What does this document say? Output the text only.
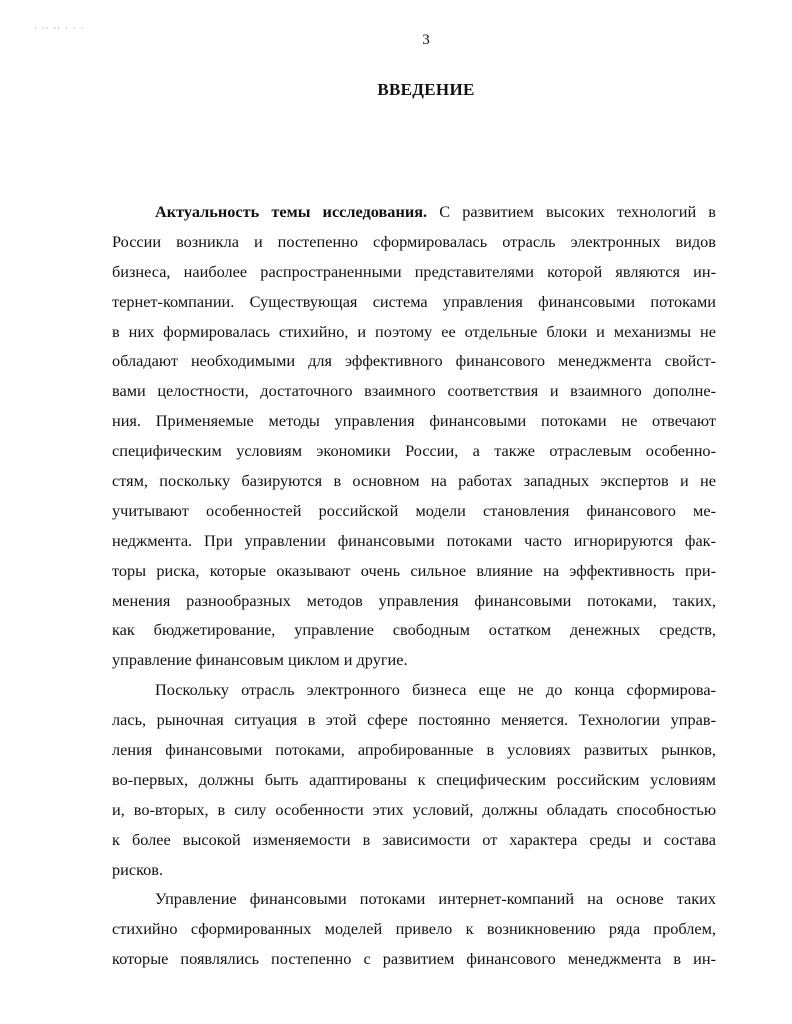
· ·· ·· · · ·
3
ВВЕДЕНИЕ
Актуальность темы исследования. С развитием высоких технологий в
России возникла и постепенно сформировалась отрасль электронных видов
бизнеса, наиболее распространенными представителями которой являются ин-
тернет-компании. Существующая система управления финансовыми потоками
в них формировалась стихийно, и поэтому ее отдельные блоки и механизмы не
обладают необходимыми для эффективного финансового менеджмента свойст-
вами целостности, достаточного взаимного соответствия и взаимного дополне-
ния. Применяемые методы управления финансовыми потоками не отвечают
специфическим условиям экономики России, а также отраслевым особенно-
стям, поскольку базируются в основном на работах западных экспертов и не
учитывают особенностей российской модели становления финансового ме-
неджмента. При управлении финансовыми потоками часто игнорируются фак-
торы риска, которые оказывают очень сильное влияние на эффективность при-
менения разнообразных методов управления финансовыми потоками, таких,
как бюджетирование, управление свободным остатком денежных средств,
управление финансовым циклом и другие.
Поскольку отрасль электронного бизнеса еще не до конца сформирова-
лась, рыночная ситуация в этой сфере постоянно меняется. Технологии управ-
ления финансовыми потоками, апробированные в условиях развитых рынков,
во-первых, должны быть адаптированы к специфическим российским условиям
и, во-вторых, в силу особенности этих условий, должны обладать способностью
к более высокой изменяемости в зависимости от характера среды и состава
рисков.
Управление финансовыми потоками интернет-компаний на основе таких
стихийно сформированных моделей привело к возникновению ряда проблем,
которые появлялись постепенно с развитием финансового менеджмента в ин-
